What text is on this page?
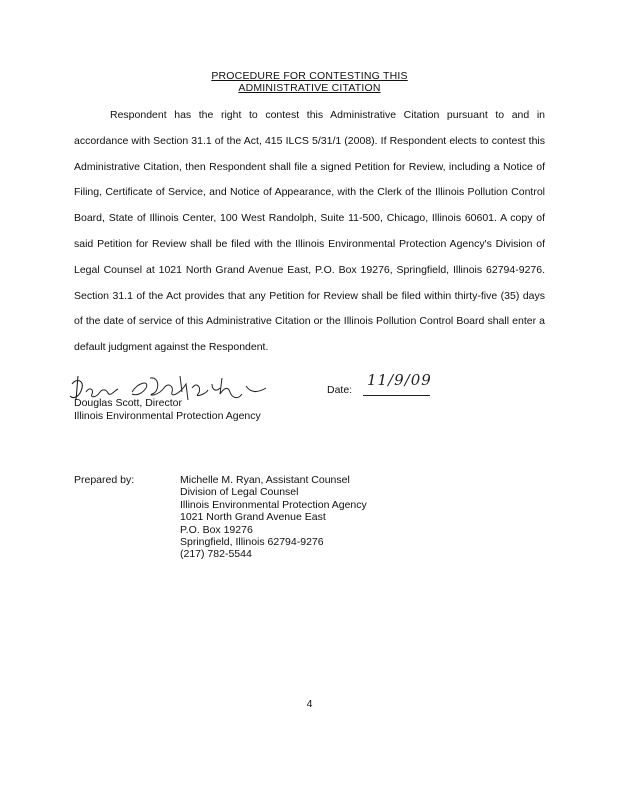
PROCEDURE FOR CONTESTING THIS
ADMINISTRATIVE CITATION

Respondent has the right to contest this Administrative Citation pursuant to and in accordance with Section 31.1 of the Act, 415 ILCS 5/31/1 (2008). If Respondent elects to contest this Administrative Citation, then Respondent shall file a signed Petition for Review, including a Notice of Filing, Certificate of Service, and Notice of Appearance, with the Clerk of the Illinois Pollution Control Board, State of Illinois Center, 100 West Randolph, Suite 11-500, Chicago, Illinois 60601. A copy of said Petition for Review shall be filed with the Illinois Environmental Protection Agency's Division of Legal Counsel at 1021 North Grand Avenue East, P.O. Box 19276, Springfield, Illinois 62794-9276. Section 31.1 of the Act provides that any Petition for Review shall be filed within thirty-five (35) days of the date of service of this Administrative Citation or the Illinois Pollution Control Board shall enter a default judgment against the Respondent.

Douglas Scott, Director
Illinois Environmental Protection Agency
Date:
11/9/09
Prepared by:	Michelle M. Ryan, Assistant Counsel
Division of Legal Counsel
Illinois Environmental Protection Agency
1021 North Grand Avenue East
P.O. Box 19276
Springfield, Illinois 62794-9276
(217) 782-5544
4
